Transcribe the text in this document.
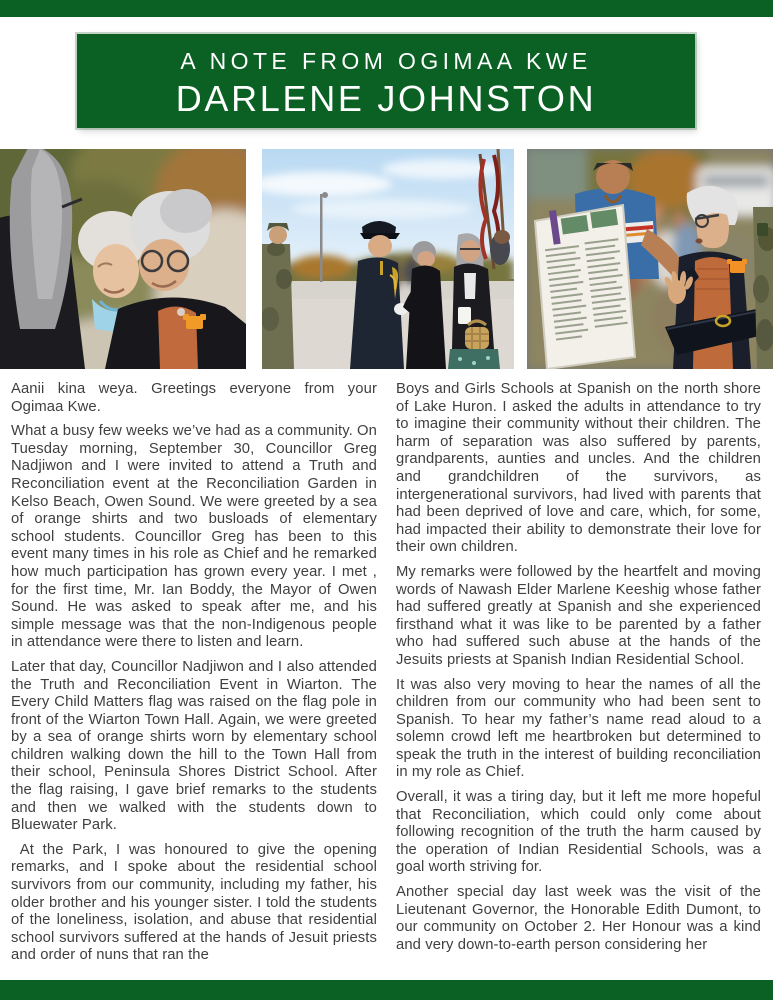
A NOTE FROM OGIMAA KWE
DARLENE JOHNSTON

Aanii kina weya. Greetings everyone from your Ogimaa Kwe.

What a busy few weeks we’ve had as a community. On Tuesday morning, September 30, Councillor Greg Nadjiwon and I were invited to attend a Truth and Reconciliation event at the Reconciliation Garden in Kelso Beach, Owen Sound. We were greeted by a sea of orange shirts and two busloads of elementary school students. Councillor Greg has been to this event many times in his role as Chief and he remarked how much participation has grown every year. I met , for the first time, Mr. Ian Boddy, the Mayor of Owen Sound. He was asked to speak after me, and his simple message was that the non-Indigenous people in attendance were there to listen and learn.

Later that day, Councillor Nadjiwon and I also attended the Truth and Reconciliation Event in Wiarton. The Every Child Matters flag was raised on the flag pole in front of the Wiarton Town Hall. Again, we were greeted by a sea of orange shirts worn by elementary school children walking down the hill to the Town Hall from their school, Peninsula Shores District School. After the flag raising, I gave brief remarks to the students and then we walked with the students down to Bluewater Park.

At the Park, I was honoured to give the opening remarks, and I spoke about the residential school survivors from our community, including my father, his older brother and his younger sister. I told the students of the loneliness, isolation, and abuse that residential school survivors suffered at the hands of Jesuit priests and order of nuns that ran the

Boys and Girls Schools at Spanish on the north shore of Lake Huron. I asked the adults in attendance to try to imagine their community without their children. The harm of separation was also suffered by parents, grandparents, aunties and uncles. And the children and grandchildren of the survivors, as intergenerational survivors, had lived with parents that had been deprived of love and care, which, for some, had impacted their ability to demonstrate their love for their own children.

My remarks were followed by the heartfelt and moving words of Nawash Elder Marlene Keeshig whose father had suffered greatly at Spanish and she experienced firsthand what it was like to be parented by a father who had suffered such abuse at the hands of the Jesuits priests at Spanish Indian Residential School.

It was also very moving to hear the names of all the children from our community who had been sent to Spanish. To hear my father’s name read aloud to a solemn crowd left me heartbroken but determined to speak the truth in the interest of building reconciliation in my role as Chief.

Overall, it was a tiring day, but it left me more hopeful that Reconciliation, which could only come about following recognition of the truth the harm caused by the operation of Indian Residential Schools, was a goal worth striving for.

Another special day last week was the visit of the Lieutenant Governor, the Honorable Edith Dumont, to our community on October 2. Her Honour was a kind and very down-to-earth person considering her
